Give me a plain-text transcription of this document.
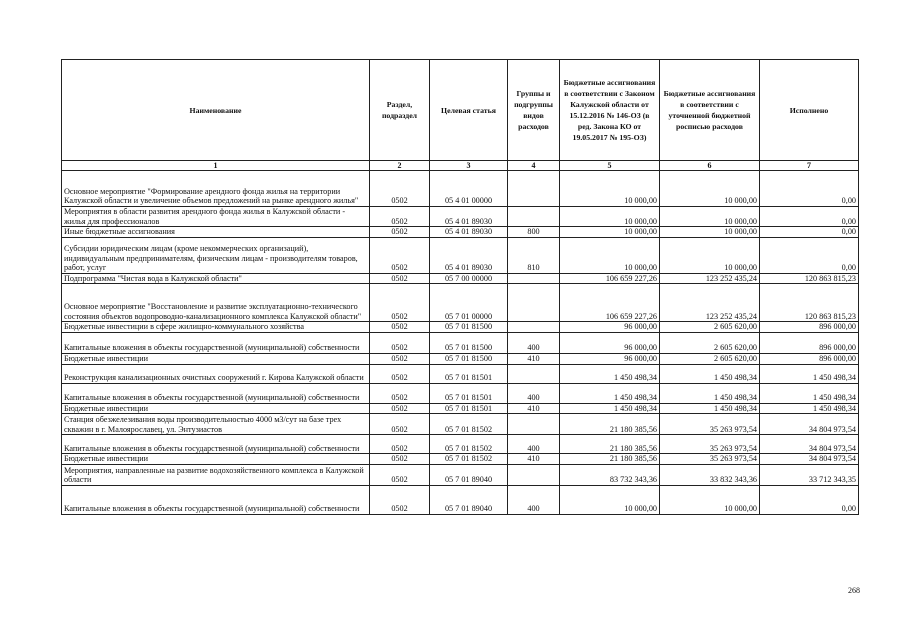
Наименование	Раздел, подраздел	Целевая статья	Группы и подгруппы видов расходов	Бюджетные ассигнования в соответствии с Законом Калужской области от 15.12.2016 № 146-ОЗ (в ред. Закона КО от 19.05.2017 № 195-ОЗ)	Бюджетные ассигнования в соответствии с уточненной бюджетной росписью расходов	Исполнено
1	2	3	4	5	6	7
Основное мероприятие "Формирование арендного фонда жилья на территории Калужской области и увеличение объемов предложений на рынке арендного жилья"	0502	05 4 01 00000		10 000,00	10 000,00	0,00
Мероприятия в области развития арендного фонда жилья в Калужской области - жилья для профессионалов	0502	05 4 01 89030		10 000,00	10 000,00	0,00
Иные бюджетные ассигнования	0502	05 4 01 89030	800	10 000,00	10 000,00	0,00
Субсидии юридическим лицам (кроме некоммерческих организаций), индивидуальным предпринимателям, физическим лицам - производителям товаров, работ, услуг	0502	05 4 01 89030	810	10 000,00	10 000,00	0,00
Подпрограмма "Чистая вода в Калужской области"	0502	05 7 00 00000		106 659 227,26	123 252 435,24	120 863 815,23
Основное мероприятие "Восстановление и развитие эксплуатационно-технического состояния объектов водопроводно-канализационного комплекса Калужской области"	0502	05 7 01 00000		106 659 227,26	123 252 435,24	120 863 815,23
Бюджетные инвестиции в сфере жилищно-коммунального хозяйства	0502	05 7 01 81500		96 000,00	2 605 620,00	896 000,00
Капитальные вложения в объекты государственной (муниципальной) собственности	0502	05 7 01 81500	400	96 000,00	2 605 620,00	896 000,00
Бюджетные инвестиции	0502	05 7 01 81500	410	96 000,00	2 605 620,00	896 000,00
Реконструкция канализационных очистных сооружений г. Кирова Калужской области	0502	05 7 01 81501		1 450 498,34	1 450 498,34	1 450 498,34
Капитальные вложения в объекты государственной (муниципальной) собственности	0502	05 7 01 81501	400	1 450 498,34	1 450 498,34	1 450 498,34
Бюджетные инвестиции	0502	05 7 01 81501	410	1 450 498,34	1 450 498,34	1 450 498,34
Станция обезжелезивания воды производительностью 4000 м3/сут на базе трех скважин в г. Малоярославец, ул. Энтузиастов	0502	05 7 01 81502		21 180 385,56	35 263 973,54	34 804 973,54
Капитальные вложения в объекты государственной (муниципальной) собственности	0502	05 7 01 81502	400	21 180 385,56	35 263 973,54	34 804 973,54
Бюджетные инвестиции	0502	05 7 01 81502	410	21 180 385,56	35 263 973,54	34 804 973,54
Мероприятия, направленные на развитие водохозяйственного комплекса в Калужской области	0502	05 7 01 89040		83 732 343,36	33 832 343,36	33 712 343,35
Капитальные вложения в объекты государственной (муниципальной) собственности	0502	05 7 01 89040	400	10 000,00	10 000,00	0,00
268
